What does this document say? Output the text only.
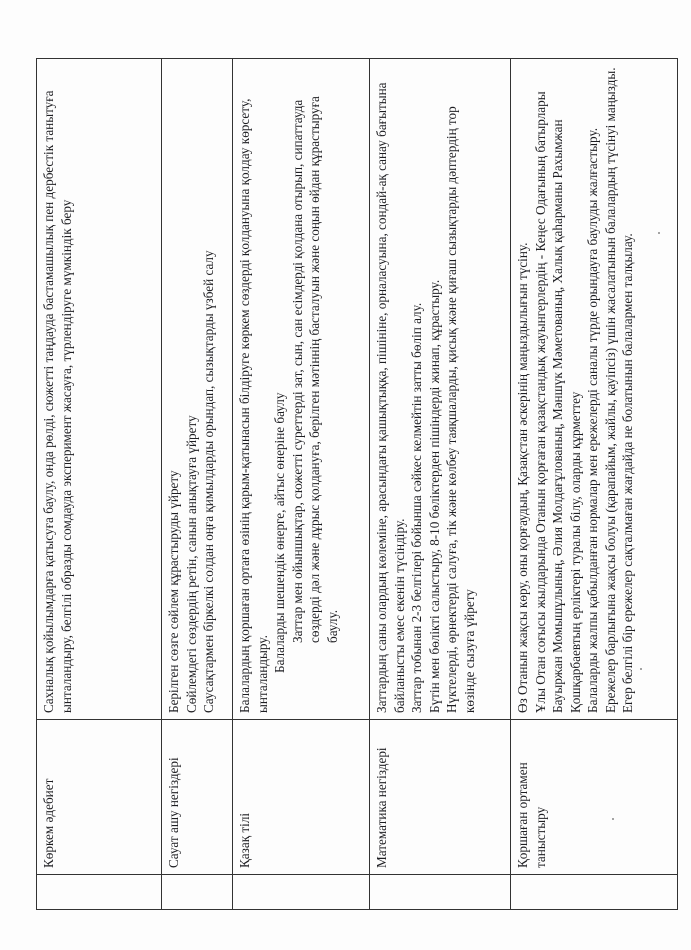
	Көркем әдебиет	Сахналық қойылымдарға қатысуға баулу, онда рөлді, сюжетті таңдауда бастамашылық пен дербестік танытуға ынталандыру, белгілі образды сомдауда эксперимент жасауға, түрлендіруге мүмкіндік беру

	Сауат ашу негіздері	Берілген сөзге сөйлем құрастыруды үйрету Сөйлемдегі сөздердің ретін, санын анықтауға үйрету Саусақтармен біркелкі солдан оңға қимылдарды орындап, сызықтарды үзбей салу

	Қазақ тілі	Балалардың қоршаған ортаға өзінің қарым-қатынасын білдіруге көркем сөздерді қолдануына қолдау көрсету, ынталандыру.
Балаларды шешендік өнерге, айтыс өнеріне баулу Заттар мен ойыншықтар, сюжетті суреттерді зат, сын, сан есімдерді қолдана отырып, сипаттауда сөздерді дәл және дұрыс қолдануға, берілген мәтіннің басталуын және соңын өйдан құрастыруға баулу.

	Математика негіздері	Заттардың саны олардың көлеміне, арасындағы қашықтыққа, пішініне, орналасуына, сондай-ақ санау бағытына байланысты емес екенін түсіндіру. Заттар тобынан 2-3 белгілері бойынша сәйкес келмейтін затты бөліп алу. Бүтін мен бөлікті салыстыру, 8-10 бөліктерден пішіндерді жинап, құрастыру. Нүктелерді, өрнектерді салуға, тік және көлбеу таяқшаларды, қисық және қиғаш сызықтарды дәптердің тор көзінде сызуға үйрету

	Қоршаған ортамен таныстыру	Өз Отанын жақсы көру, оны қорғаудың, Қазақстан әскерінің маңыздылығын түсіну. Ұлы Отан соғысы жылдарында Отанын қорғаған қазақстандық жауынгерлердің - Кеңес Одағының батырлары Бауыржан Момышұлының, Әлия Молдағұлованың, Мәншүк Мәметованың, Халық қаһарманы Рахымжан Қошқарбаевтың ерліктері туралы білу, оларды құрметтеу Балаларды жалпы қабылданған нормалар мен ережелерді саналы түрде орындауға баулуды жалғастыру. Ережелер барлығына жақсы болуы (қарапайым, жайлы, қауіпсіз) үшін жасалатынын балалардың түсінуі маңызды. Егер белгілі бір ережелер сақталмаған жағдайда не болатынын балалармен талқылау.
